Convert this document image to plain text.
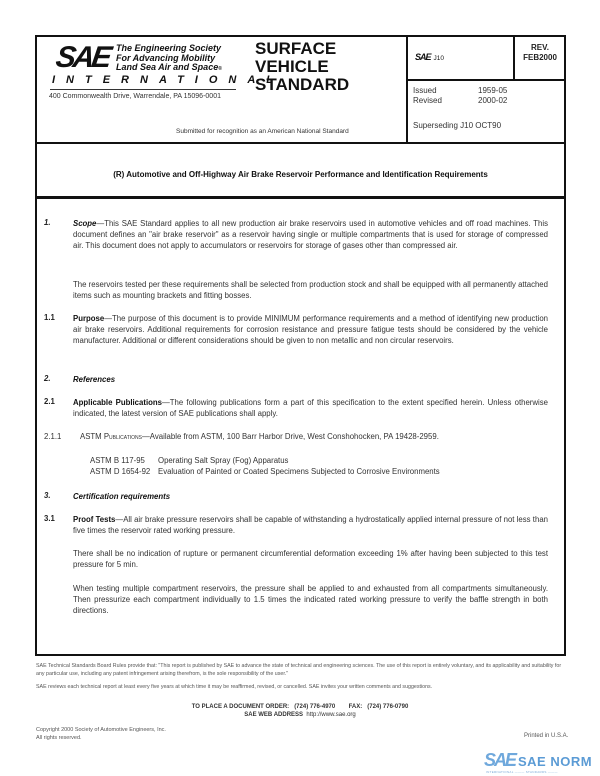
SAE The Engineering Society
For Advancing Mobility
Land Sea Air and Space®
INTERNATIONAL
400 Commonwealth Drive, Warrendale, PA 15096-0001
SURFACE
VEHICLE
STANDARD
Submitted for recognition as an American National Standard
SAE J10
REV.
FEB2000
Issued	1959-05
Revised	2000-02
Superseding J10 OCT90
(R) Automotive and Off-Highway Air Brake Reservoir Performance and Identification Requirements
1.	Scope—This SAE Standard applies to all new production air brake reservoirs used in automotive vehicles and off road machines. This document defines an "air brake reservoir" as a reservoir having single or multiple compartments that is used for storage of compressed air. This document does not apply to accumulators or reservoirs for storage of gases other than compressed air.
The reservoirs tested per these requirements shall be selected from production stock and shall be equipped with all permanently attached items such as mounting brackets and fitting bosses.
1.1 Purpose—The purpose of this document is to provide MINIMUM performance requirements and a method of identifying new production air brake reservoirs. Additional requirements for corrosion resistance and pressure fatigue tests should be considered by the vehicle manufacturer. Additional or different considerations should be given to non metallic and non circular reservoirs.
2.	References
2.1 Applicable Publications—The following publications form a part of this specification to the extent specified herein. Unless otherwise indicated, the latest version of SAE publications shall apply.
2.1.1 ASTM Publications—Available from ASTM, 100 Barr Harbor Drive, West Conshohocken, PA 19428-2959.
ASTM B 117-95 Operating Salt Spray (Fog) Apparatus
ASTM D 1654-92 Evaluation of Painted or Coated Specimens Subjected to Corrosive Environments
3.	Certification requirements
3.1 Proof Tests—All air brake pressure reservoirs shall be capable of withstanding a hydrostatically applied internal pressure of not less than five times the reservoir rated working pressure.
There shall be no indication of rupture or permanent circumferential deformation exceeding 1% after having been subjected to this test pressure for 5 min.
When testing multiple compartment reservoirs, the pressure shall be applied to and exhausted from all compartments simultaneously. Then pressurize each compartment individually to 1.5 times the indicated rated working pressure to verify the baffle strength in both directions.
SAE Technical Standards Board Rules provide that: "This report is published by SAE to advance the state of technical and engineering sciences. The use of this report is entirely voluntary, and its applicability and suitability for any particular use, including any patent infringement arising therefrom, is the sole responsibility of the user."
SAE reviews each technical report at least every five years at which time it may be reaffirmed, revised, or cancelled. SAE invites your written comments and suggestions.
TO PLACE A DOCUMENT ORDER: (724) 776-4970 FAX: (724) 776-0790
SAE WEB ADDRESS http://www.sae.org
Copyright 2000 Society of Automotive Engineers, Inc.
All rights reserved.	Printed in U.S.A.
SAE SAE NORM
INTERNATIONAL ——— STANDARDS ———
